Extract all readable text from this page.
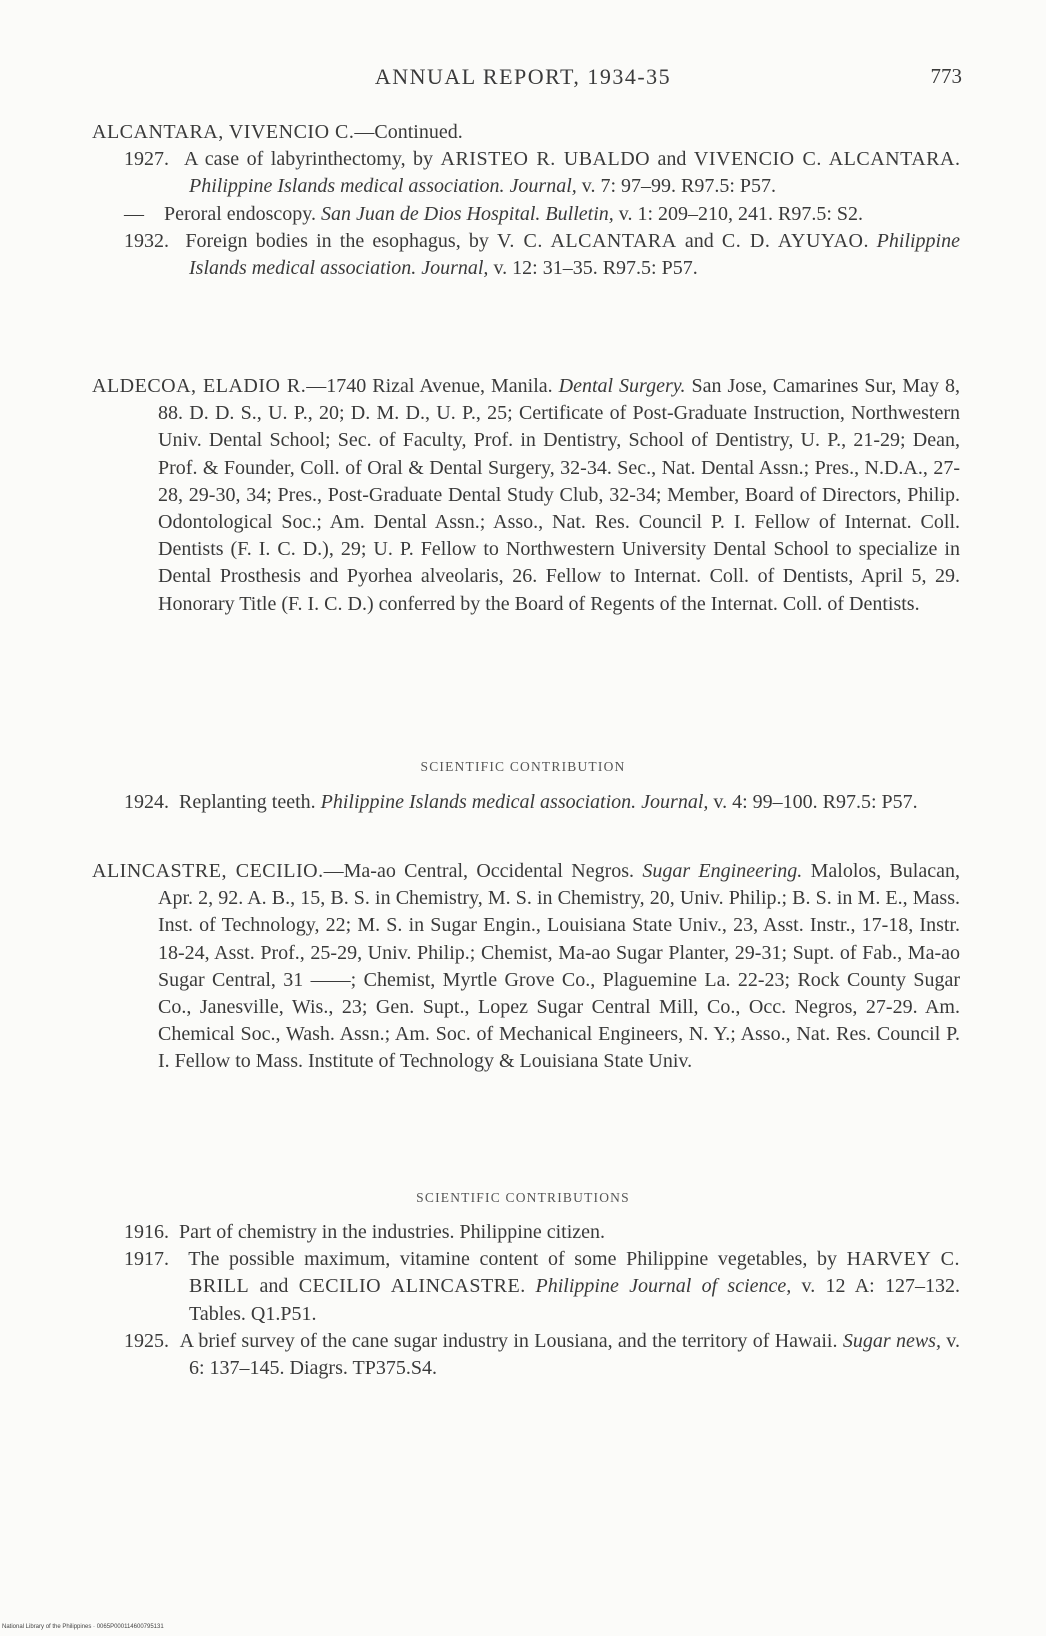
ANNUAL REPORT, 1934-35	773

ALCANTARA, VIVENCIO C.—Continued.

1927. A case of labyrinthectomy, by ARISTEO R. UBALDO and VIVENCIO C. ALCANTARA. Philippine Islands medical association. Journal, v. 7: 97–99. R97.5: P57.

— Peroral endoscopy. San Juan de Dios Hospital. Bulletin, v. 1: 209–210, 241. R97.5: S2.

1932. Foreign bodies in the esophagus, by V. C. ALCANTARA and C. D. AYUYAO. Philippine Islands medical association. Journal, v. 12: 31–35. R97.5: P57.

ALDECOA, ELADIO R.—1740 Rizal Avenue, Manila. Dental Surgery. San Jose, Camarines Sur, May 8, 88. D. D. S., U. P., 20; D. M. D., U. P., 25; Certificate of Post-Graduate Instruction, Northwestern Univ. Dental School; Sec. of Faculty, Prof. in Dentistry, School of Dentistry, U. P., 21-29; Dean, Prof. & Founder, Coll. of Oral & Dental Surgery, 32-34. Sec., Nat. Dental Assn.; Pres., N.D.A., 27-28, 29-30, 34; Pres., Post-Graduate Dental Study Club, 32-34; Member, Board of Directors, Philip. Odontological Soc.; Am. Dental Assn.; Asso., Nat. Res. Council P. I. Fellow of Internat. Coll. Dentists (F. I. C. D.), 29; U. P. Fellow to Northwestern University Dental School to specialize in Dental Prosthesis and Pyorhea alveolaris, 26. Fellow to Internat. Coll. of Dentists, April 5, 29. Honorary Title (F. I. C. D.) conferred by the Board of Regents of the Internat. Coll. of Dentists.

SCIENTIFIC CONTRIBUTION

1924. Replanting teeth. Philippine Islands medical association. Journal, v. 4: 99–100. R97.5: P57.

ALINCASTRE, CECILIO.—Ma-ao Central, Occidental Negros. Sugar Engineering. Malolos, Bulacan, Apr. 2, 92. A. B., 15, B. S. in Chemistry, M. S. in Chemistry, 20, Univ. Philip.; B. S. in M. E., Mass. Inst. of Technology, 22; M. S. in Sugar Engin., Louisiana State Univ., 23, Asst. Instr., 17-18, Instr. 18-24, Asst. Prof., 25-29, Univ. Philip.; Chemist, Ma-ao Sugar Planter, 29-31; Supt. of Fab., Ma-ao Sugar Central, 31 ——; Chemist, Myrtle Grove Co., Plaguemine La. 22-23; Rock County Sugar Co., Janesville, Wis., 23; Gen. Supt., Lopez Sugar Central Mill, Co., Occ. Negros, 27-29. Am. Chemical Soc., Wash. Assn.; Am. Soc. of Mechanical Engineers, N. Y.; Asso., Nat. Res. Council P. I. Fellow to Mass. Institute of Technology & Louisiana State Univ.

SCIENTIFIC CONTRIBUTIONS

1916. Part of chemistry in the industries. Philippine citizen.

1917. The possible maximum, vitamine content of some Philippine vegetables, by HARVEY C. BRILL and CECILIO ALINCASTRE. Philippine Journal of science, v. 12 A: 127–132. Tables. Q1.P51.

1925. A brief survey of the cane sugar industry in Lousiana, and the territory of Hawaii. Sugar news, v. 6: 137–145. Diagrs. TP375.S4.

National Library of the Philippines · 0065P000114600795131
